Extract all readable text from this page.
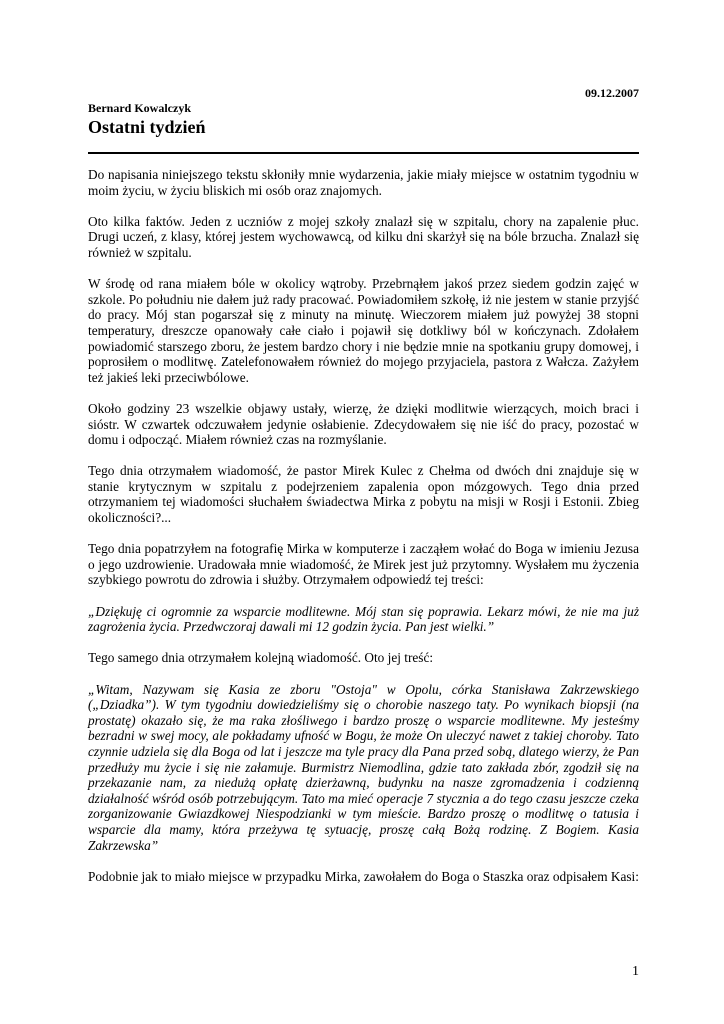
09.12.2007
Bernard Kowalczyk
Ostatni tydzień

Do napisania niniejszego tekstu skłoniły mnie wydarzenia, jakie miały miejsce w ostatnim tygodniu w moim życiu, w życiu bliskich mi osób oraz znajomych.

Oto kilka faktów. Jeden z uczniów z mojej szkoły znalazł się w szpitalu, chory na zapalenie płuc. Drugi uczeń, z klasy, której jestem wychowawcą, od kilku dni skarżył się na bóle brzucha. Znalazł się również w szpitalu.

W środę od rana miałem bóle w okolicy wątroby. Przebrnąłem jakoś przez siedem godzin zajęć w szkole. Po południu nie dałem już rady pracować. Powiadomiłem szkołę, iż nie jestem w stanie przyjść do pracy. Mój stan pogarszał się z minuty na minutę. Wieczorem miałem już powyżej 38 stopni temperatury, dreszcze opanowały całe ciało i pojawił się dotkliwy ból w kończynach. Zdołałem powiadomić starszego zboru, że jestem bardzo chory i nie będzie mnie na spotkaniu grupy domowej, i poprosiłem o modlitwę. Zatelefonowałem również do mojego przyjaciela, pastora z Wałcza. Zażyłem też jakieś leki przeciwbólowe.

Około godziny 23 wszelkie objawy ustały, wierzę, że dzięki modlitwie wierzących, moich braci i sióstr. W czwartek odczuwałem jedynie osłabienie. Zdecydowałem się nie iść do pracy, pozostać w domu i odpocząć. Miałem również czas na rozmyślanie.

Tego dnia otrzymałem wiadomość, że pastor Mirek Kulec z Chełma od dwóch dni znajduje się w stanie krytycznym w szpitalu z podejrzeniem zapalenia opon mózgowych. Tego dnia przed otrzymaniem tej wiadomości słuchałem świadectwa Mirka z pobytu na misji w Rosji i Estonii. Zbieg okoliczności?...

Tego dnia popatrzyłem na fotografię Mirka w komputerze i zacząłem wołać do Boga w imieniu Jezusa o jego uzdrowienie. Uradowała mnie wiadomość, że Mirek jest już przytomny. Wysłałem mu życzenia szybkiego powrotu do zdrowia i służby. Otrzymałem odpowiedź tej treści:

„Dziękuję ci ogromnie za wsparcie modlitewne. Mój stan się poprawia. Lekarz mówi, że nie ma już zagrożenia życia. Przedwczoraj dawali mi 12 godzin życia. Pan jest wielki.”

Tego samego dnia otrzymałem kolejną wiadomość. Oto jej treść:

„Witam, Nazywam się Kasia ze zboru "Ostoja" w Opolu, córka Stanisława Zakrzewskiego („Dziadka”). W tym tygodniu dowiedzieliśmy się o chorobie naszego taty. Po wynikach biopsji (na prostatę) okazało się, że ma raka złośliwego i bardzo proszę o wsparcie modlitewne. My jesteśmy bezradni w swej mocy, ale pokładamy ufność w Bogu, że może On uleczyć nawet z takiej choroby. Tato czynnie udziela się dla Boga od lat i jeszcze ma tyle pracy dla Pana przed sobą, dlatego wierzy, że Pan przedłuży mu życie i się nie załamuje. Burmistrz Niemodlina, gdzie tato zakłada zbór, zgodził się na przekazanie nam, za niedużą opłatę dzierżawną, budynku na nasze zgromadzenia i codzienną działalność wśród osób potrzebującym. Tato ma mieć operacje 7 stycznia a do tego czasu jeszcze czeka zorganizowanie Gwiazdkowej Niespodzianki w tym mieście. Bardzo proszę o modlitwę o tatusia i wsparcie dla mamy, która przeżywa tę sytuację, proszę całą Bożą rodzinę. Z Bogiem. Kasia Zakrzewska”

Podobnie jak to miało miejsce w przypadku Mirka, zawołałem do Boga o Staszka oraz odpisałem Kasi:

1
